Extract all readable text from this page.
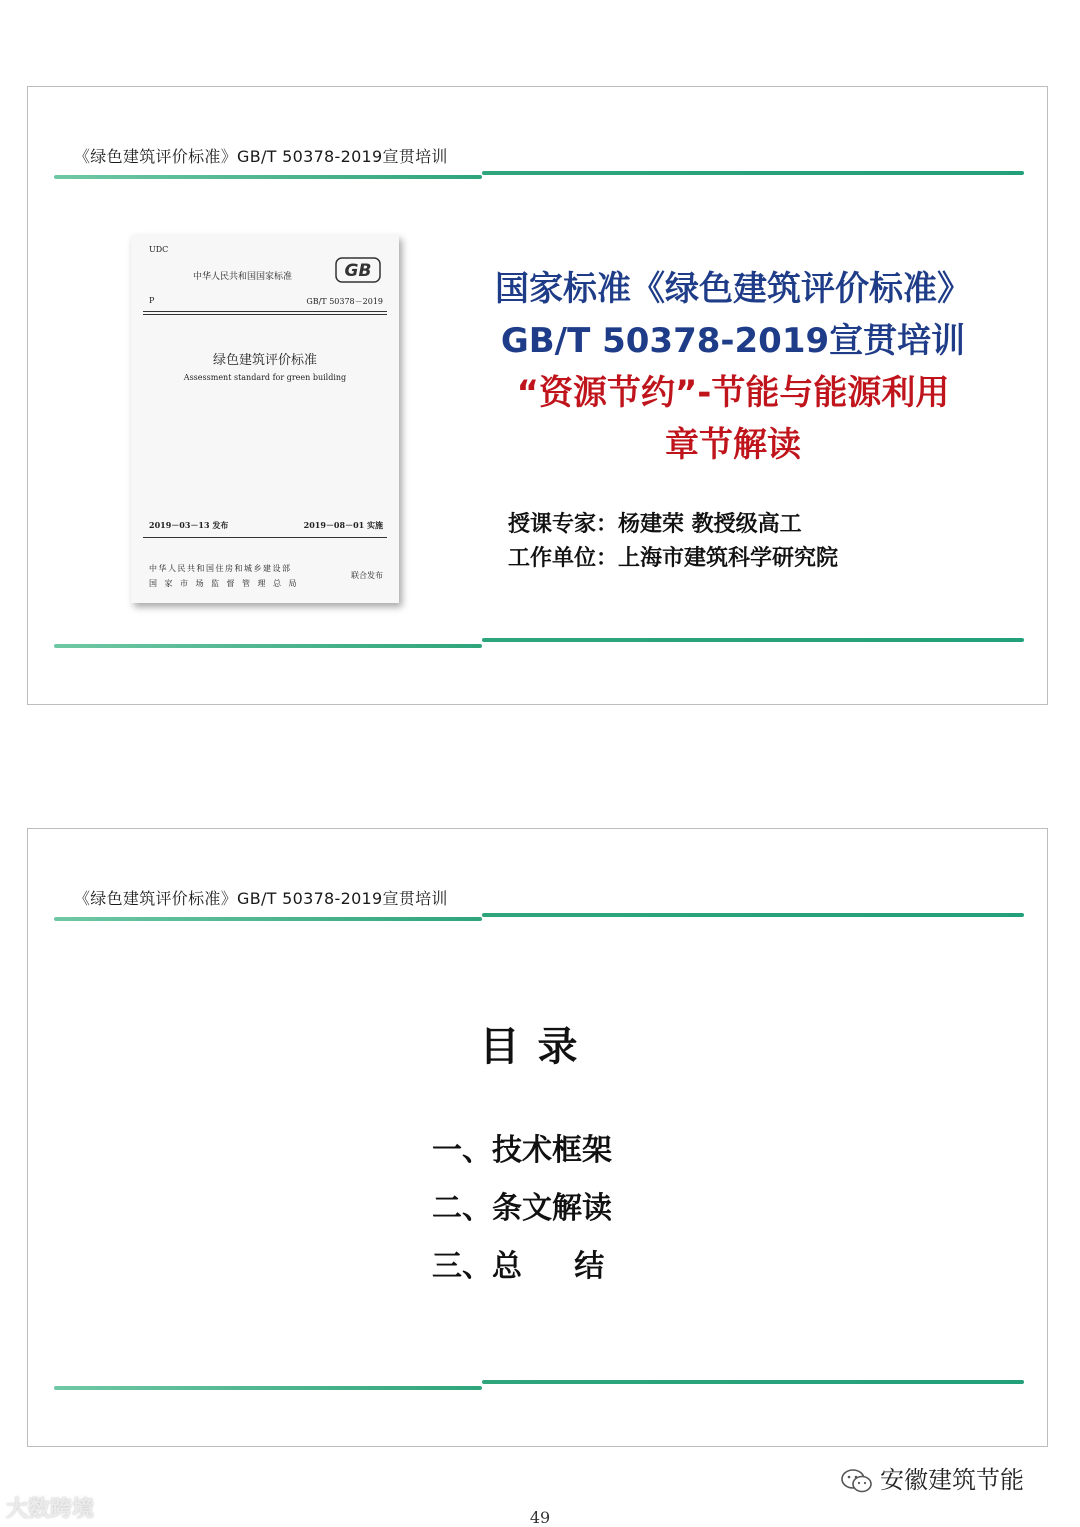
《绿色建筑评价标准》GB/T 50378-2019宣贯培训
UDC
中华人民共和国国家标准	GB
P	GB/T 50378－2019
绿色建筑评价标准
Assessment standard for green building
2019－03－13 发布	2019－08－01 实施
中华人民共和国住房和城乡建设部
国家市场监督管理总局
联合发布
国家标准《绿色建筑评价标准》
GB/T 50378-2019宣贯培训
“资源节约”-节能与能源利用
章节解读
授课专家：杨建荣 教授级高工
工作单位：上海市建筑科学研究院
《绿色建筑评价标准》GB/T 50378-2019宣贯培训
目录
一、技术框架
二、条文解读
三、总     结
安徽建筑节能
大数跨境	49
